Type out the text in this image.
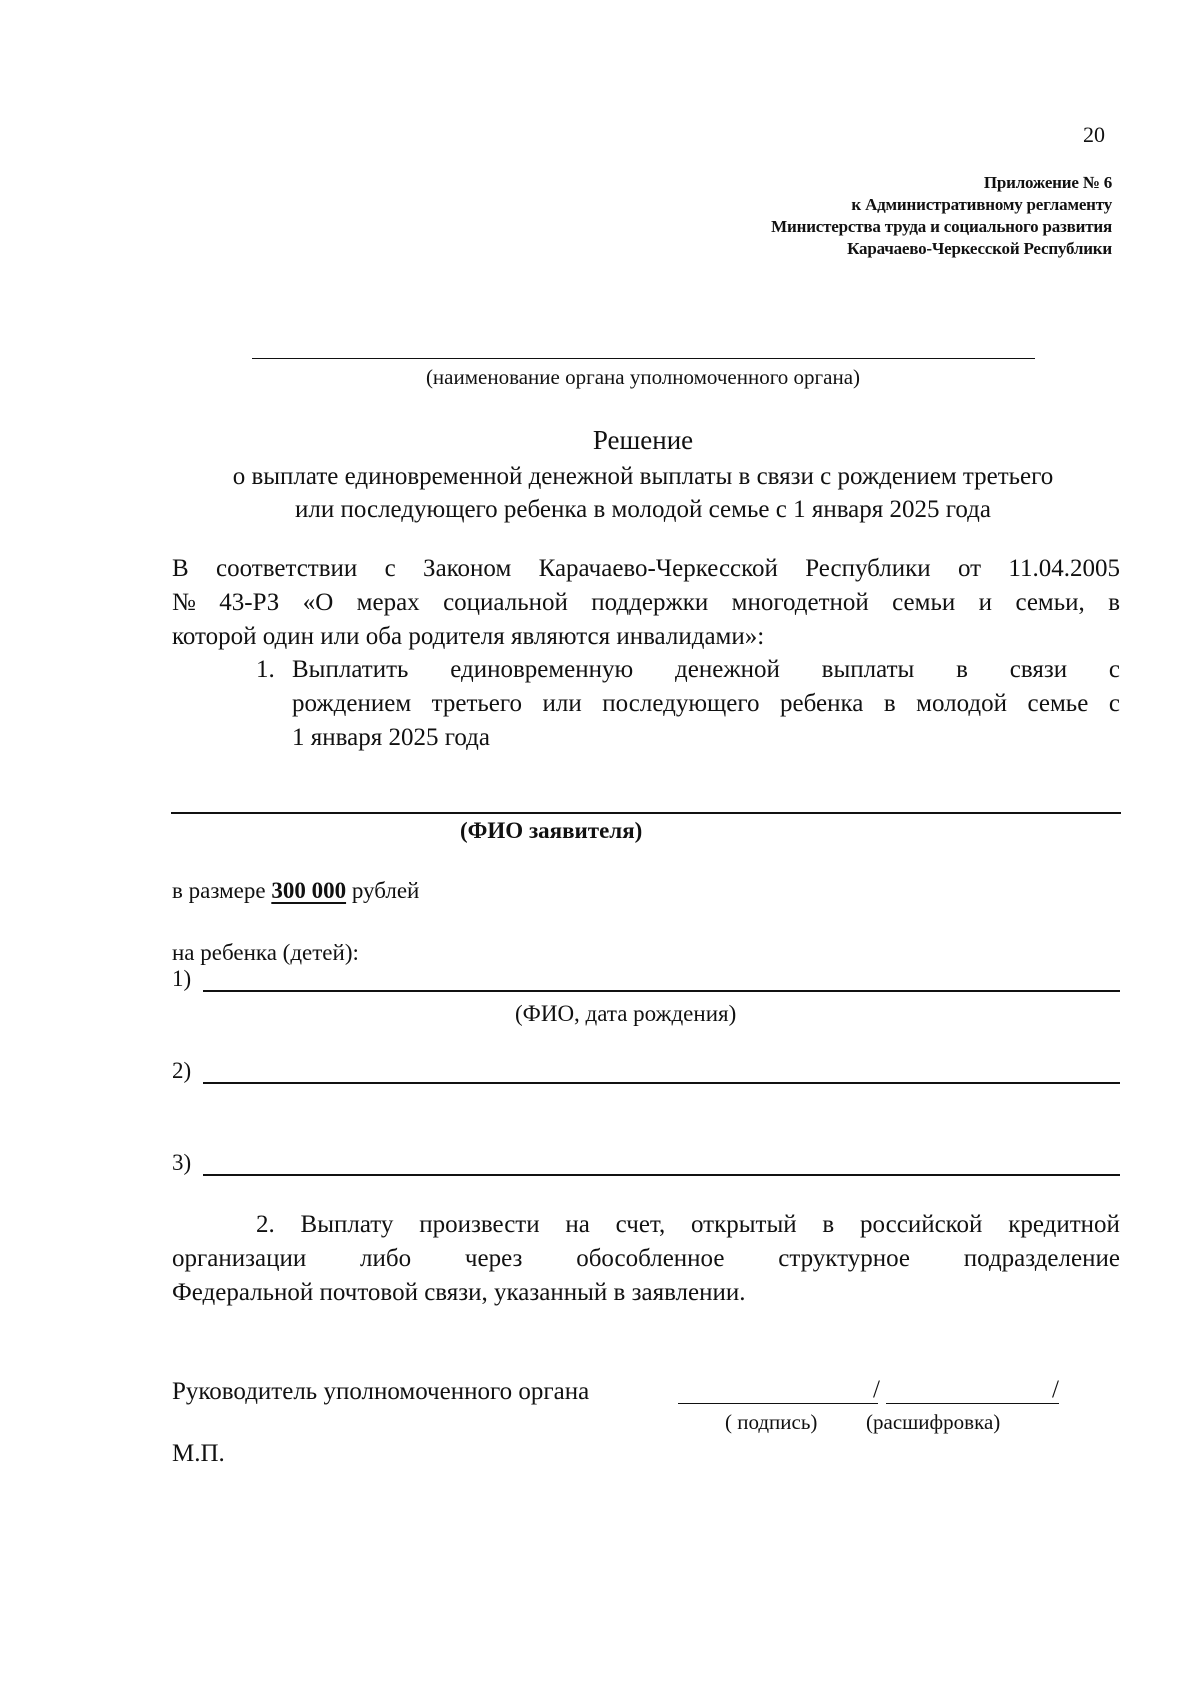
20
Приложение № 6
к Административному регламенту
Министерства труда и социального развития
Карачаево-Черкесской Республики
(наименование органа уполномоченного органа)
Решение
о выплате единовременной денежной выплаты в связи с рождением третьего
или последующего ребенка в молодой семье с 1 января 2025 года
В соответствии с Законом Карачаево-Черкесской Республики от 11.04.2005
№ 43-РЗ «О мерах социальной поддержки многодетной семьи и семьи, в
которой один или оба родителя являются инвалидами»:
1. Выплатить единовременную денежной выплаты в связи с
рождением третьего или последующего ребенка в молодой семье с
1 января 2025 года
(ФИО заявителя)
в размере 300 000 рублей
на ребенка (детей):
1)
(ФИО, дата рождения)
2)
3)
2. Выплату произвести на счет, открытый в российской кредитной
организации либо через обособленное структурное подразделение
Федеральной почтовой связи, указанный в заявлении.
Руководитель уполномоченного органа	/	/
( подпись) (расшифровка)
М.П.
